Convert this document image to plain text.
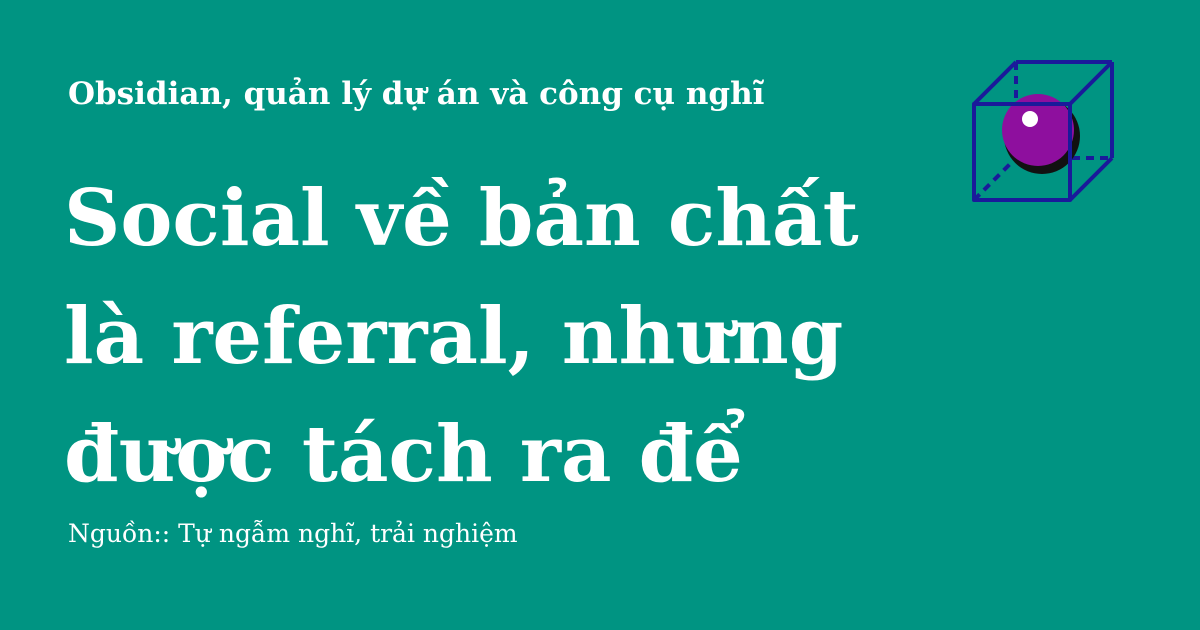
Obsidian, quản lý dự án và công cụ nghĩ
Social về bản chất
là referral, nhưng
được tách ra để
Nguồn:: Tự ngẫm nghĩ, trải nghiệm
